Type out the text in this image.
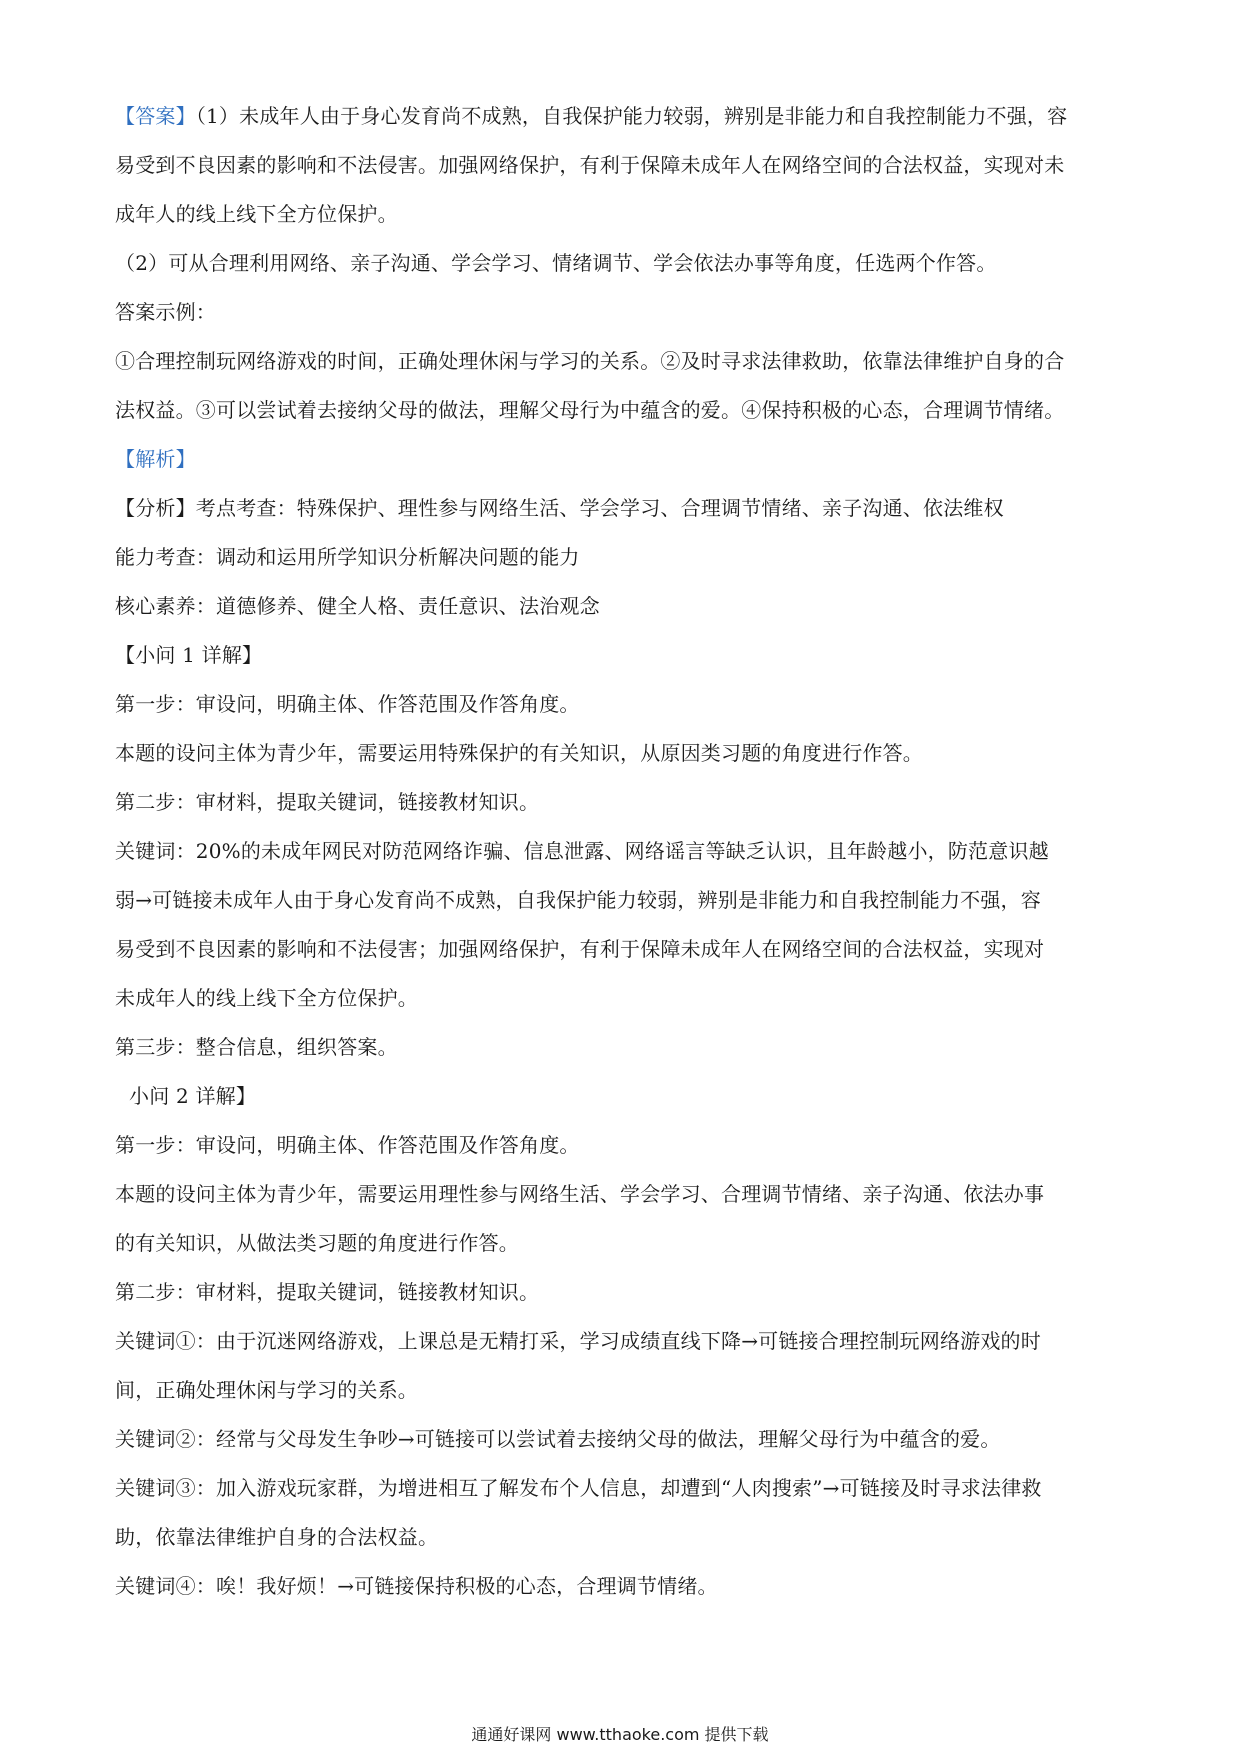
【答案】（1）未成年人由于身心发育尚不成熟，自我保护能力较弱，辨别是非能力和自我控制能力不强，容
易受到不良因素的影响和不法侵害。加强网络保护，有利于保障未成年人在网络空间的合法权益，实现对未
成年人的线上线下全方位保护。
（2）可从合理利用网络、亲子沟通、学会学习、情绪调节、学会依法办事等角度，任选两个作答。
答案示例：
①合理控制玩网络游戏的时间，正确处理休闲与学习的关系。②及时寻求法律救助，依靠法律维护自身的合
法权益。③可以尝试着去接纳父母的做法，理解父母行为中蕴含的爱。④保持积极的心态，合理调节情绪。
【解析】
【分析】考点考查：特殊保护、理性参与网络生活、学会学习、合理调节情绪、亲子沟通、依法维权
能力考查：调动和运用所学知识分析解决问题的能力
核心素养：道德修养、健全人格、责任意识、法治观念
【小问 1 详解】
第一步：审设问，明确主体、作答范围及作答角度。
本题的设问主体为青少年，需要运用特殊保护的有关知识，从原因类习题的角度进行作答。
第二步：审材料，提取关键词，链接教材知识。
关键词：20%的未成年网民对防范网络诈骗、信息泄露、网络谣言等缺乏认识，且年龄越小，防范意识越
弱→可链接未成年人由于身心发育尚不成熟，自我保护能力较弱，辨别是非能力和自我控制能力不强，容
易受到不良因素的影响和不法侵害；加强网络保护，有利于保障未成年人在网络空间的合法权益，实现对
未成年人的线上线下全方位保护。
第三步：整合信息，组织答案。
小问 2 详解】
第一步：审设问，明确主体、作答范围及作答角度。
本题的设问主体为青少年，需要运用理性参与网络生活、学会学习、合理调节情绪、亲子沟通、依法办事
的有关知识，从做法类习题的角度进行作答。
第二步：审材料，提取关键词，链接教材知识。
关键词①：由于沉迷网络游戏，上课总是无精打采，学习成绩直线下降→可链接合理控制玩网络游戏的时
间，正确处理休闲与学习的关系。
关键词②：经常与父母发生争吵→可链接可以尝试着去接纳父母的做法，理解父母行为中蕴含的爱。
关键词③：加入游戏玩家群，为增进相互了解发布个人信息，却遭到“人肉搜索”→可链接及时寻求法律救
助，依靠法律维护自身的合法权益。
关键词④：唉！我好烦！→可链接保持积极的心态，合理调节情绪。
通通好课网 www.tthaoke.com 提供下载
